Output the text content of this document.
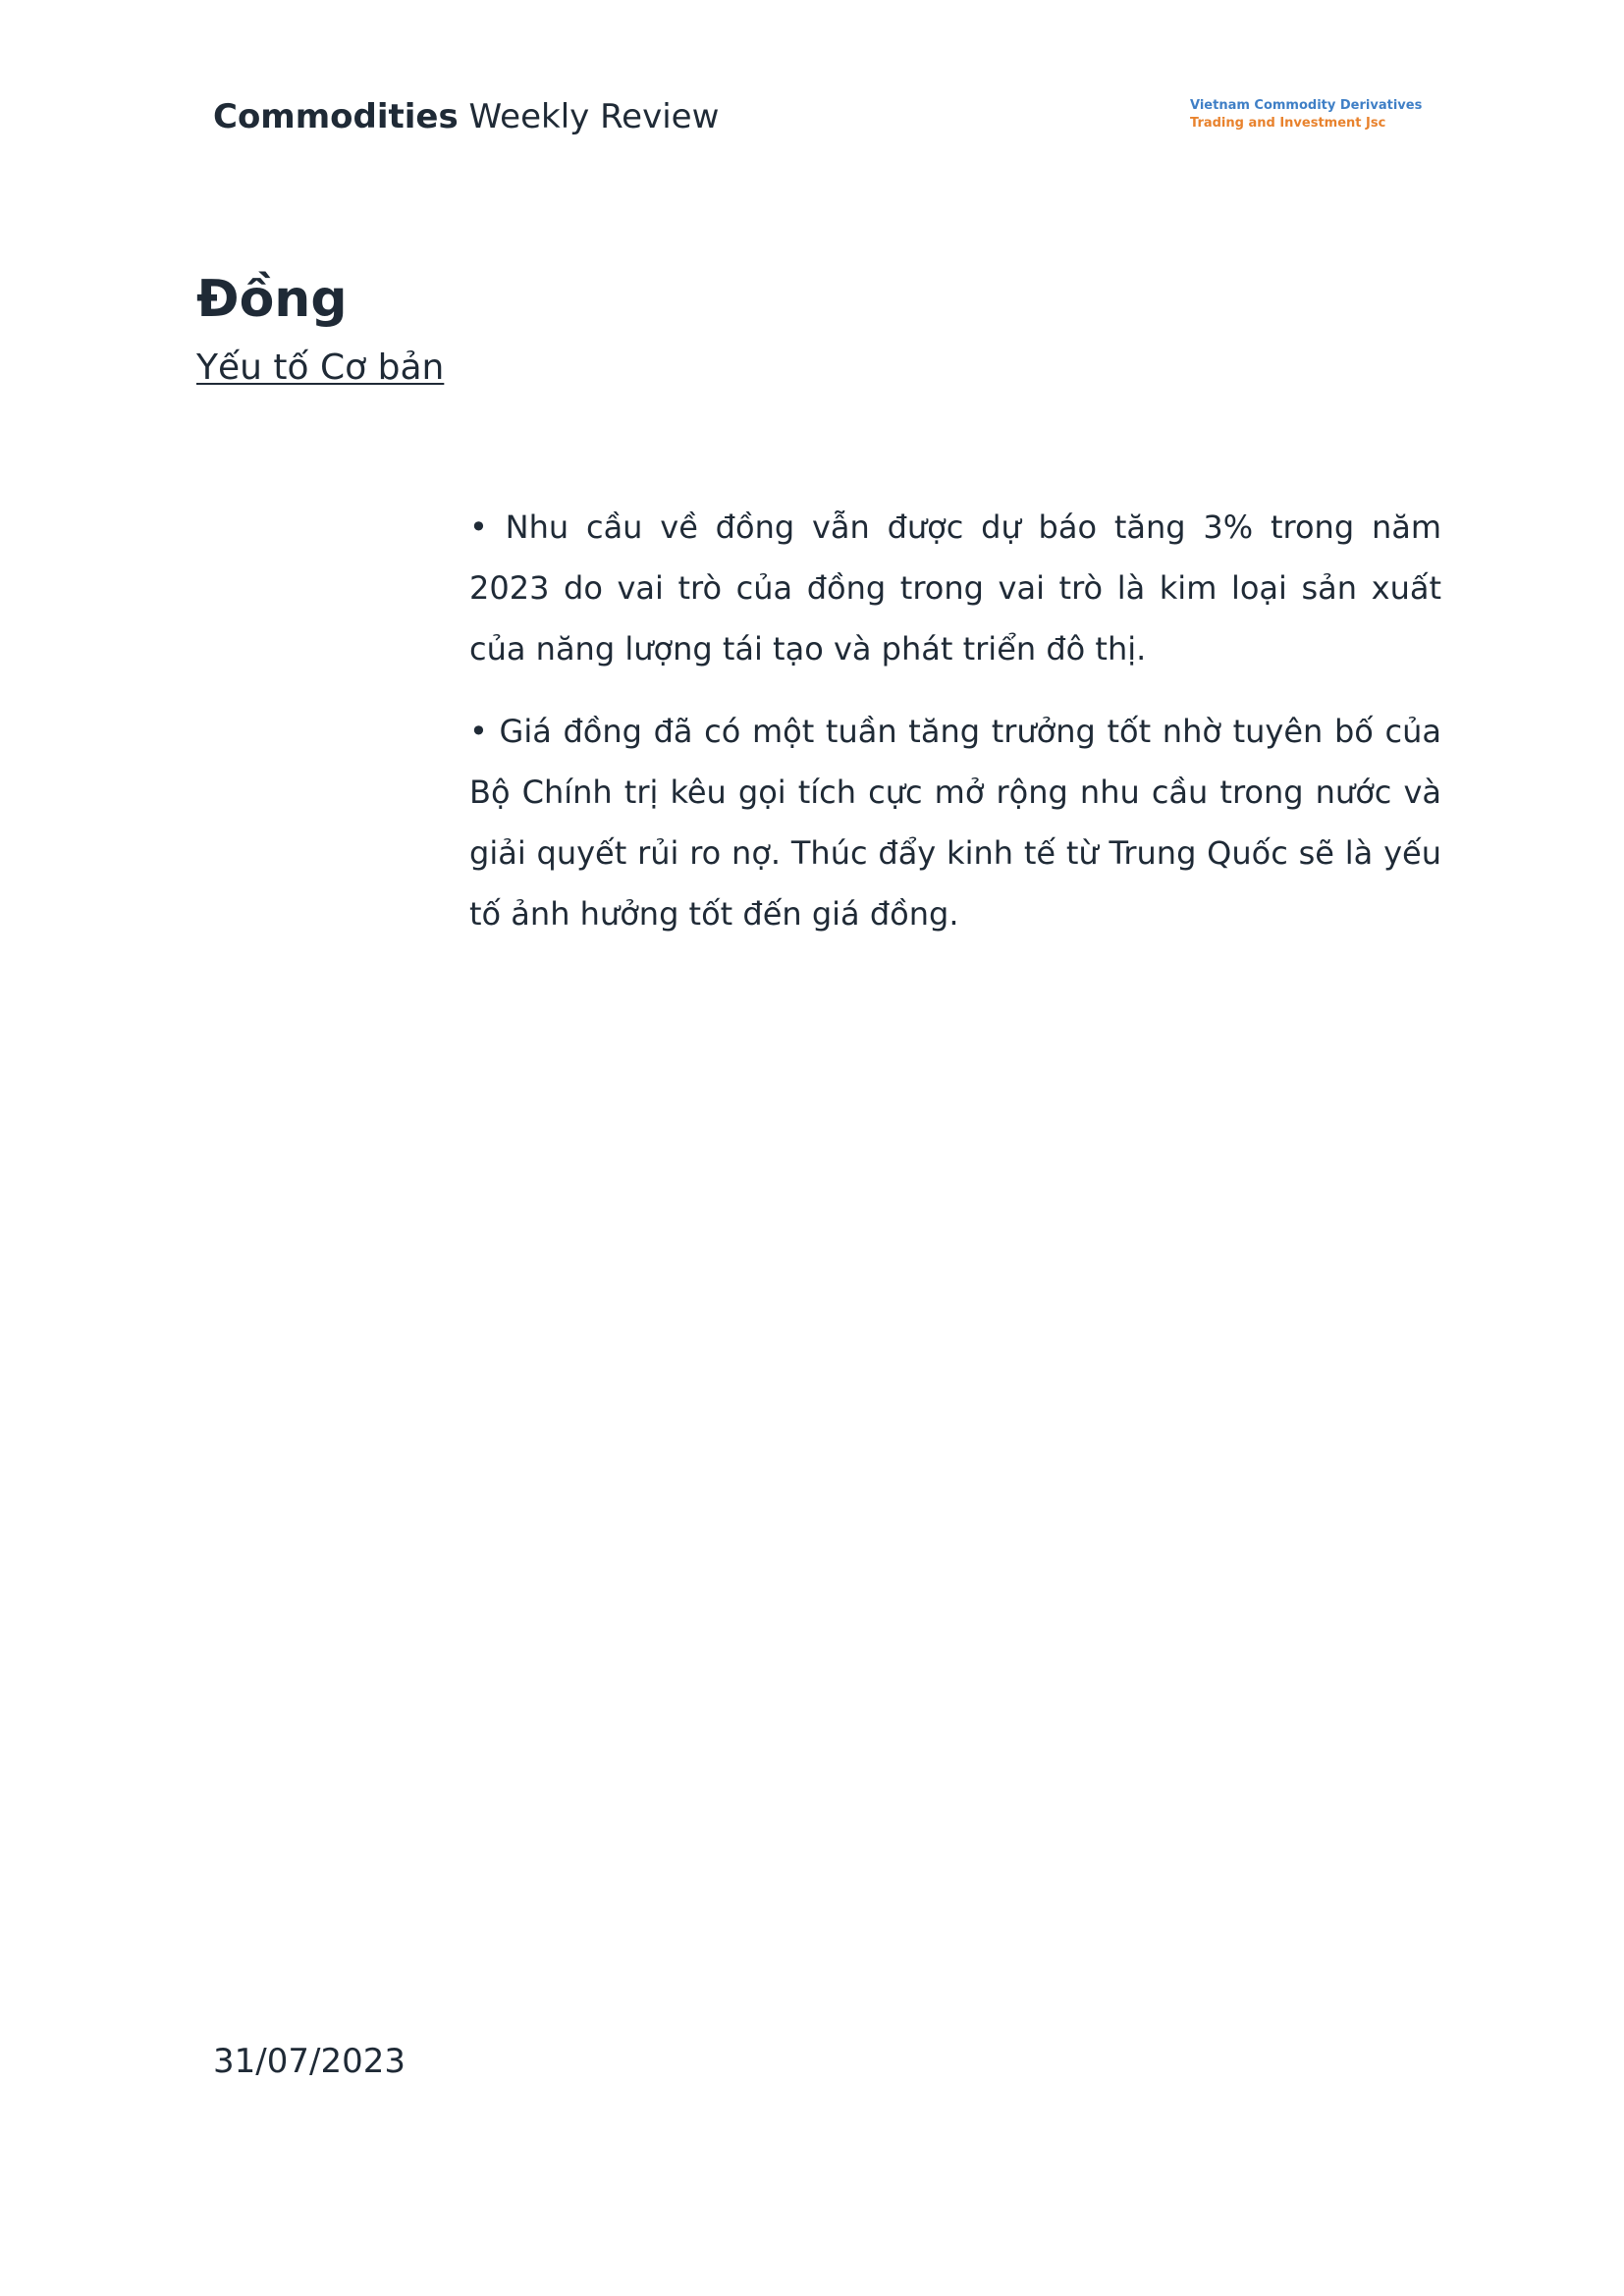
Commodities Weekly Review	Vietnam Commodity Derivatives
Trading and Investment Jsc
Đồng
Yếu tố Cơ bản

• Nhu cầu về đồng vẫn được dự báo tăng 3% trong năm 2023 do vai trò của đồng trong vai trò là kim loại sản xuất của năng lượng tái tạo và phát triển đô thị.

• Giá đồng đã có một tuần tăng trưởng tốt nhờ tuyên bố của Bộ Chính trị kêu gọi tích cực mở rộng nhu cầu trong nước và giải quyết rủi ro nợ. Thúc đẩy kinh tế từ Trung Quốc sẽ là yếu tố ảnh hưởng tốt đến giá đồng.

31/07/2023
